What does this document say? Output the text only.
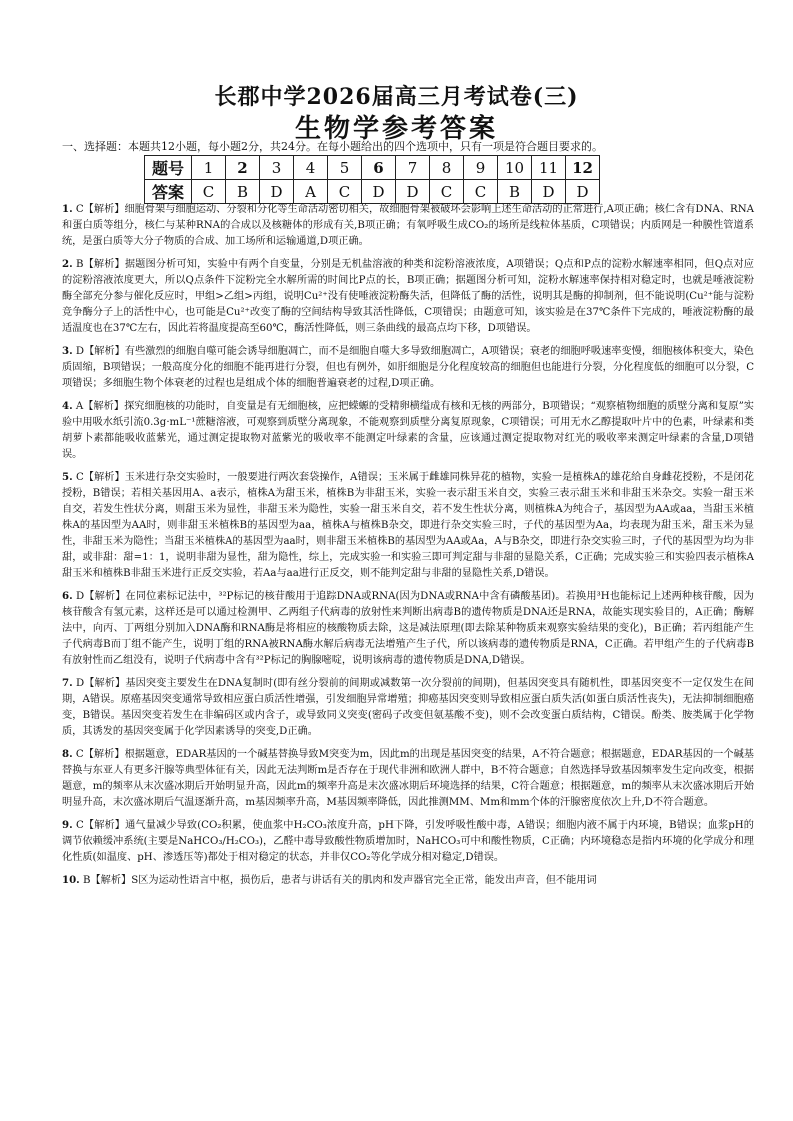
长郡中学2026届高三月考试卷(三)
生物学参考答案
一、选择题：本题共12小题，每小题2分，共24分。在每小题给出的四个选项中，只有一项是符合题目要求的。
题号	1	2	3	4	5	6	7	8	9	10	11	12
答案	C	B	D	A	C	D	D	C	C	B	D	D

1. C【解析】细胞骨架与细胞运动、分裂和分化等生命活动密切相关，故细胞骨架被破坏会影响上述生命活动的正常进行,A项正确；核仁含有DNA、RNA和蛋白质等组分，核仁与某种RNA的合成以及核糖体的形成有关,B项正确；有氧呼吸生成CO₂的场所是线粒体基质，C项错误；内质网是一种膜性管道系统，是蛋白质等大分子物质的合成、加工场所和运输通道,D项正确。

2. B【解析】据题图分析可知，实验中有两个自变量，分别是无机盐溶液的种类和淀粉溶液浓度，A项错误；Q点和P点的淀粉水解速率相同，但Q点对应的淀粉溶液浓度更大，所以Q点条件下淀粉完全水解所需的时间比P点的长，B项正确；据题图分析可知，淀粉水解速率保持相对稳定时，也就是唾液淀粉酶全部充分参与催化反应时，甲组>乙组>丙组，说明Cu²⁺没有使唾液淀粉酶失活，但降低了酶的活性，说明其是酶的抑制剂，但不能说明(Cu²⁺能与淀粉竞争酶分子上的活性中心，也可能是Cu²⁺改变了酶的空间结构导致其活性降低，C项错误；由题意可知，该实验是在37℃条件下完成的，唾液淀粉酶的最适温度也在37℃左右，因此若将温度提高至60℃，酶活性降低，则三条曲线的最高点均下移，D项错误。

3. D【解析】有些激烈的细胞自噬可能会诱导细胞凋亡，而不是细胞自噬大多导致细胞凋亡，A项错误；衰老的细胞呼吸速率变慢，细胞核体积变大，染色质固缩，B项错误；一般高度分化的细胞不能再进行分裂，但也有例外，如肝细胞是分化程度较高的细胞但也能进行分裂，分化程度低的细胞可以分裂，C项错误；多细胞生物个体衰老的过程也是组成个体的细胞普遍衰老的过程,D项正确。

4. A【解析】探究细胞核的功能时，自变量是有无细胞核，应把蝾螈的受精卵横缢成有核和无核的两部分，B项错误；“观察植物细胞的质壁分离和复原”实验中用吸水纸引流0.3g·mL⁻¹蔗糖溶液，可观察到质壁分离现象，不能观察到质壁分离复原现象，C项错误；可用无水乙醇提取叶片中的色素，叶绿素和类胡萝卜素都能吸收蓝紫光，通过测定提取物对蓝紫光的吸收率不能测定叶绿素的含量，应该通过测定提取物对红光的吸收率来测定叶绿素的含量,D项错误。

5. C【解析】玉米进行杂交实验时，一般要进行两次套袋操作，A错误；玉米属于雌雄同株异花的植物，实验一是植株A的雄花给自身雌花授粉，不是闭花授粉，B错误；若相关基因用A、a表示，植株A为甜玉米，植株B为非甜玉米，实验一表示甜玉米自交，实验三表示甜玉米和非甜玉米杂交。实验一甜玉米自交，若发生性状分离，则甜玉米为显性，非甜玉米为隐性，实验一甜玉米自交，若不发生性状分离，则植株A为纯合子，基因型为AA或aa，当甜玉米植株A的基因型为AA时，则非甜玉米植株B的基因型为aa，植株A与植株B杂交，即进行杂交实验三时，子代的基因型为Aa，均表现为甜玉米，甜玉米为显性，非甜玉米为隐性；当甜玉米植株A的基因型为aa时，则非甜玉米植株B的基因型为AA或Aa，A与B杂交，即进行杂交实验三时，子代的基因型为均为非甜，或非甜：甜=1：1，说明非甜为显性，甜为隐性，综上，完成实验一和实验三即可判定甜与非甜的显隐关系，C正确；完成实验三和实验四表示植株A甜玉米和植株B非甜玉米进行正反交实验，若Aa与aa进行正反交，则不能判定甜与非甜的显隐性关系,D错误。

6. D【解析】在同位素标记法中，³²P标记的核苷酸用于追踪DNA或RNA(因为DNA或RNA中含有磷酸基团)。若换用³H也能标记上述两种核苷酸，因为核苷酸含有氢元素，这样还是可以通过检测甲、乙两组子代病毒的放射性来判断出病毒B的遗传物质是DNA还是RNA，故能实现实验目的，A正确；酶解法中，向丙、丁两组分别加入DNA酶和RNA酶是将相应的核酸物质去除，这是减法原理(即去除某种物质来观察实验结果的变化)，B正确；若丙组能产生子代病毒B而丁组不能产生，说明丁组的RNA被RNA酶水解后病毒无法增殖产生子代，所以该病毒的遗传物质是RNA，C正确。若甲组产生的子代病毒B有放射性而乙组没有，说明子代病毒中含有³²P标记的胸腺嘧啶，说明该病毒的遗传物质是DNA,D错误。

7. D【解析】基因突变主要发生在DNA复制时(即有丝分裂前的间期或减数第一次分裂前的间期)，但基因突变具有随机性，即基因突变不一定仅发生在间期，A错误。原癌基因突变通常导致相应蛋白质活性增强，引发细胞异常增殖；抑癌基因突变则导致相应蛋白质失活(如蛋白质活性丧失)，无法抑制细胞癌变，B错误。基因突变若发生在非编码区或内含子，或导致同义突变(密码子改变但氨基酸不变)，则不会改变蛋白质结构，C错误。酚类、胺类属于化学物质，其诱发的基因突变属于化学因素诱导的突变,D正确。

8. C【解析】根据题意，EDAR基因的一个碱基替换导致M突变为m，因此m的出现是基因突变的结果，A不符合题意；根据题意，EDAR基因的一个碱基替换与东亚人有更多汗腺等典型体征有关，因此无法判断m是否存在于现代非洲和欧洲人群中，B不符合题意；自然选择导致基因频率发生定向改变，根据题意，m的频率从末次盛冰期后开始明显升高，因此m的频率升高是末次盛冰期后环境选择的结果，C符合题意；根据题意，m的频率从末次盛冰期后开始明显升高，末次盛冰期后气温逐渐升高，m基因频率升高，M基因频率降低，因此推测MM、Mm和mm个体的汗腺密度依次上升,D不符合题意。

9. C【解析】通气量减少导致(CO₂积累，使血浆中H₂CO₃浓度升高，pH下降，引发呼吸性酸中毒，A错误；细胞内液不属于内环境，B错误；血浆pH的调节依赖缓冲系统(主要是NaHCO₃/H₂CO₃)，乙醛中毒导致酸性物质增加时，NaHCO₃可中和酸性物质，C正确；内环境稳态是指内环境的化学成分和理化性质(如温度、pH、渗透压等)都处于相对稳定的状态，并非仅CO₂等化学成分相对稳定,D错误。

10. B【解析】S区为运动性语言中枢，损伤后，患者与讲话有关的肌肉和发声器官完全正常，能发出声音，但不能用词
